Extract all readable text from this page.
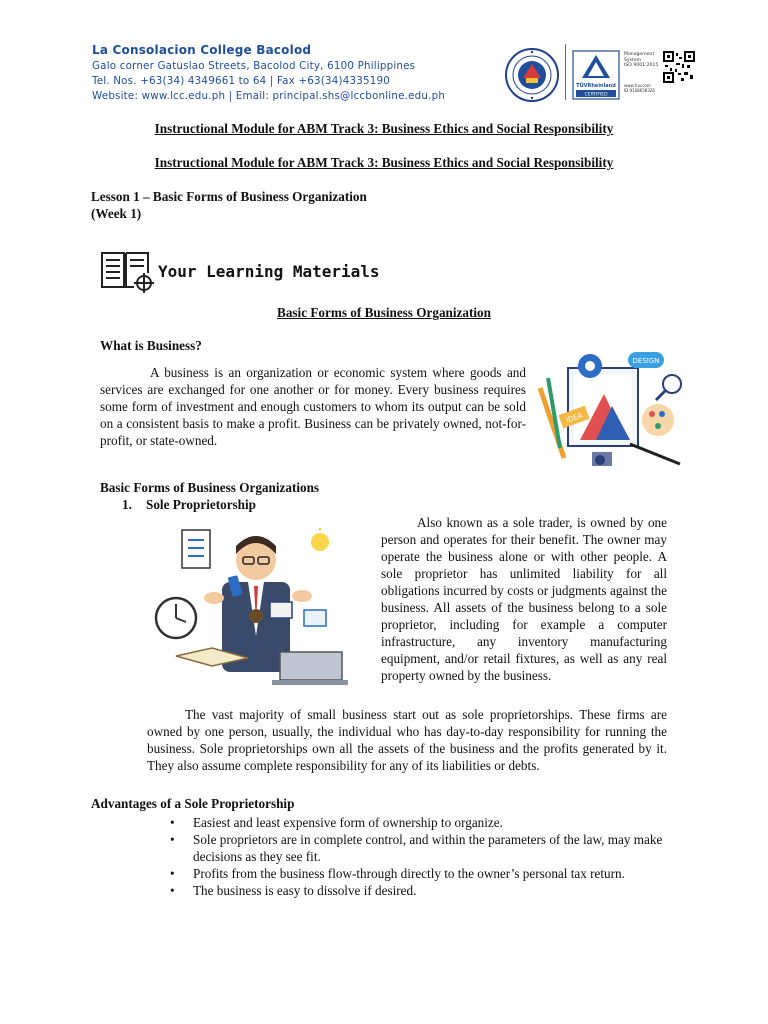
La Consolacion College Bacolod
Galo corner Gatuslao Streets, Bacolod City, 6100 Philippines
Tel. Nos. +63(34) 4349661 to 64 | Fax +63(34)4335190
Website: www.lcc.edu.ph | Email: principal.shs@lccbonline.edu.ph
TÜVRheinland
CERTIFIED
Management
System
ISO 9001:2015
www.tuv.com
ID 9108658326
Instructional Module for ABM Track 3: Business Ethics and Social Responsibility
Instructional Module for ABM Track 3: Business Ethics and Social Responsibility
Lesson 1 – Basic Forms of Business Organization
(Week 1)
Your Learning Materials
Basic Forms of Business Organization
What is Business?
A business is an organization or economic system where goods and services are exchanged for one another or for money. Every business requires some form of investment and enough customers to whom its output can be sold on a consistent basis to make a profit. Business can be privately owned, not-for-profit, or state-owned.
DESIGN
IDEA
Basic Forms of Business Organizations
1. Sole Proprietorship
Also known as a sole trader, is owned by one person and operates for their benefit. The owner may operate the business alone or with other people. A sole proprietor has unlimited liability for all obligations incurred by costs or judgments against the business. All assets of the business belong to a sole proprietor, including for example a computer infrastructure, any inventory manufacturing equipment, and/or retail fixtures, as well as any real property owned by the business.
The vast majority of small business start out as sole proprietorships. These firms are owned by one person, usually, the individual who has day-to-day responsibility for running the business. Sole proprietorships own all the assets of the business and the profits generated by it. They also assume complete responsibility for any of its liabilities or debts.
Advantages of a Sole Proprietorship
• Easiest and least expensive form of ownership to organize.
• Sole proprietors are in complete control, and within the parameters of the law, may make decisions as they see fit.
• Profits from the business flow-through directly to the owner’s personal tax return.
• The business is easy to dissolve if desired.
